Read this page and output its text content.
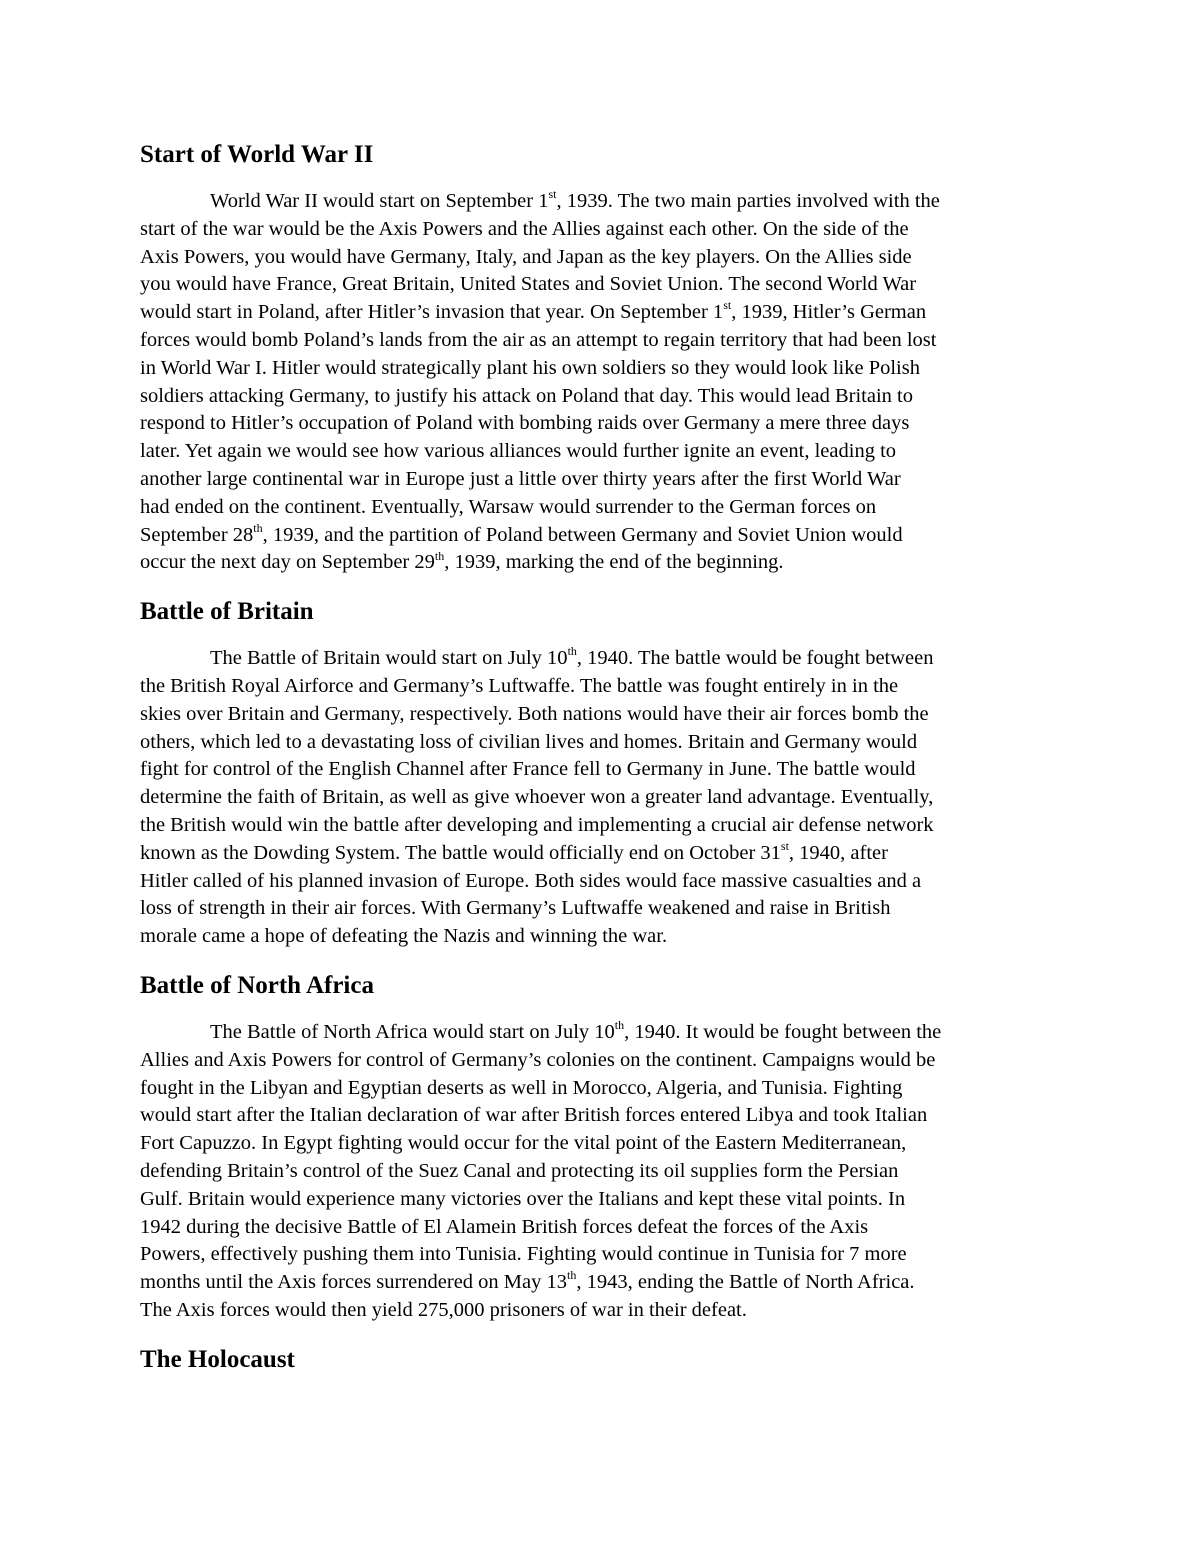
Start of World War II

World War II would start on September 1st, 1939. The two main parties involved with the
start of the war would be the Axis Powers and the Allies against each other. On the side of the
Axis Powers, you would have Germany, Italy, and Japan as the key players. On the Allies side
you would have France, Great Britain, United States and Soviet Union. The second World War
would start in Poland, after Hitler’s invasion that year. On September 1st, 1939, Hitler’s German
forces would bomb Poland’s lands from the air as an attempt to regain territory that had been lost
in World War I. Hitler would strategically plant his own soldiers so they would look like Polish
soldiers attacking Germany, to justify his attack on Poland that day. This would lead Britain to
respond to Hitler’s occupation of Poland with bombing raids over Germany a mere three days
later. Yet again we would see how various alliances would further ignite an event, leading to
another large continental war in Europe just a little over thirty years after the first World War
had ended on the continent. Eventually, Warsaw would surrender to the German forces on
September 28th, 1939, and the partition of Poland between Germany and Soviet Union would
occur the next day on September 29th, 1939, marking the end of the beginning.

Battle of Britain

The Battle of Britain would start on July 10th, 1940. The battle would be fought between
the British Royal Airforce and Germany’s Luftwaffe. The battle was fought entirely in in the
skies over Britain and Germany, respectively. Both nations would have their air forces bomb the
others, which led to a devastating loss of civilian lives and homes. Britain and Germany would
fight for control of the English Channel after France fell to Germany in June. The battle would
determine the faith of Britain, as well as give whoever won a greater land advantage. Eventually,
the British would win the battle after developing and implementing a crucial air defense network
known as the Dowding System. The battle would officially end on October 31st, 1940, after
Hitler called of his planned invasion of Europe. Both sides would face massive casualties and a
loss of strength in their air forces. With Germany’s Luftwaffe weakened and raise in British
morale came a hope of defeating the Nazis and winning the war.

Battle of North Africa

The Battle of North Africa would start on July 10th, 1940. It would be fought between the
Allies and Axis Powers for control of Germany’s colonies on the continent. Campaigns would be
fought in the Libyan and Egyptian deserts as well in Morocco, Algeria, and Tunisia. Fighting
would start after the Italian declaration of war after British forces entered Libya and took Italian
Fort Capuzzo. In Egypt fighting would occur for the vital point of the Eastern Mediterranean,
defending Britain’s control of the Suez Canal and protecting its oil supplies form the Persian
Gulf. Britain would experience many victories over the Italians and kept these vital points. In
1942 during the decisive Battle of El Alamein British forces defeat the forces of the Axis
Powers, effectively pushing them into Tunisia. Fighting would continue in Tunisia for 7 more
months until the Axis forces surrendered on May 13th, 1943, ending the Battle of North Africa.
The Axis forces would then yield 275,000 prisoners of war in their defeat.

The Holocaust
